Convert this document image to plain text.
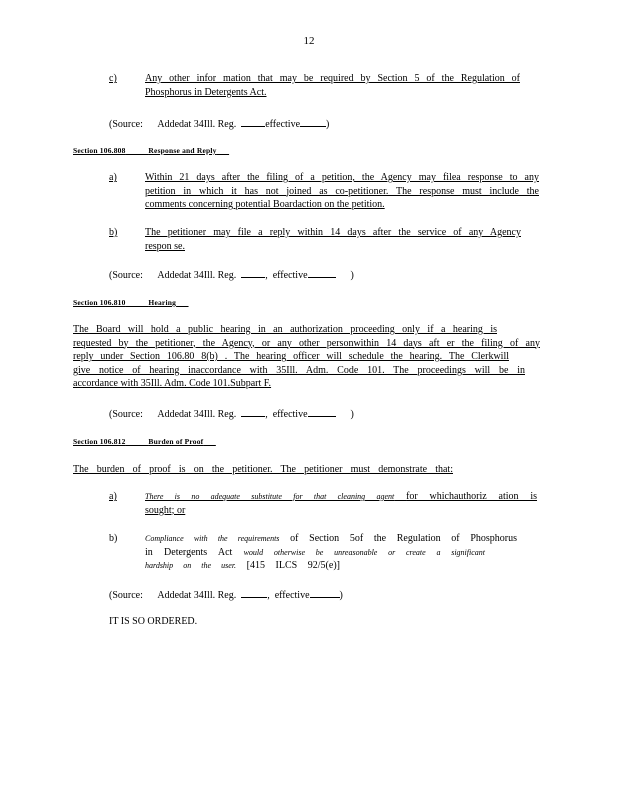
12
c)	Any other infor mation that may be required by Section 5 of the Regulation of
Phosphorus in Detergents Act.
(Source: Addedat 34Ill. Reg.	effective	)
Section 106.808	Response and Reply
a)	Within 21 days after the filing of a petition, the Agency may filea response to any
petition in which it has not joined as co-petitioner. The response must include the
comments concerning potential Boardaction on the petition.
b)	The petitioner may file a reply within 14 days after the service of any Agency
respon se.
(Source: Addedat 34Ill. Reg.	,  effective	)
Section 106.810	Hearing
The Board will hold a public hearing in an authorization proceeding only if a hearing is
requested by the petitioner, the Agency, or any other personwithin 14 days aft er the filing of any
reply under Section 106.80 8(b) . The hearing officer will schedule the hearing. The Clerkwill
give notice of hearing inaccordance with 35Ill. Adm. Code 101. The proceedings will be in
accordance with 35Ill. Adm. Code 101.Subpart F.
(Source: Addedat 34Ill. Reg.	,  effective	)
Section 106.812	Burden of Proof
The burden of proof is on the petitioner. The petitioner must demonstrate that:
a)	There is no adequate substitute for that cleaning agent for whichauthoriz ation is
sought; or
b)	Compliance with the requirements of Section 5of the Regulation of Phosphorus
in Detergents Act would otherwise be unreasonable or create a significant
hardship on the user. [415 ILCS 92/5(e)]
(Source: Addedat 34Ill. Reg.	,  effective	)
IT IS SO ORDERED.
